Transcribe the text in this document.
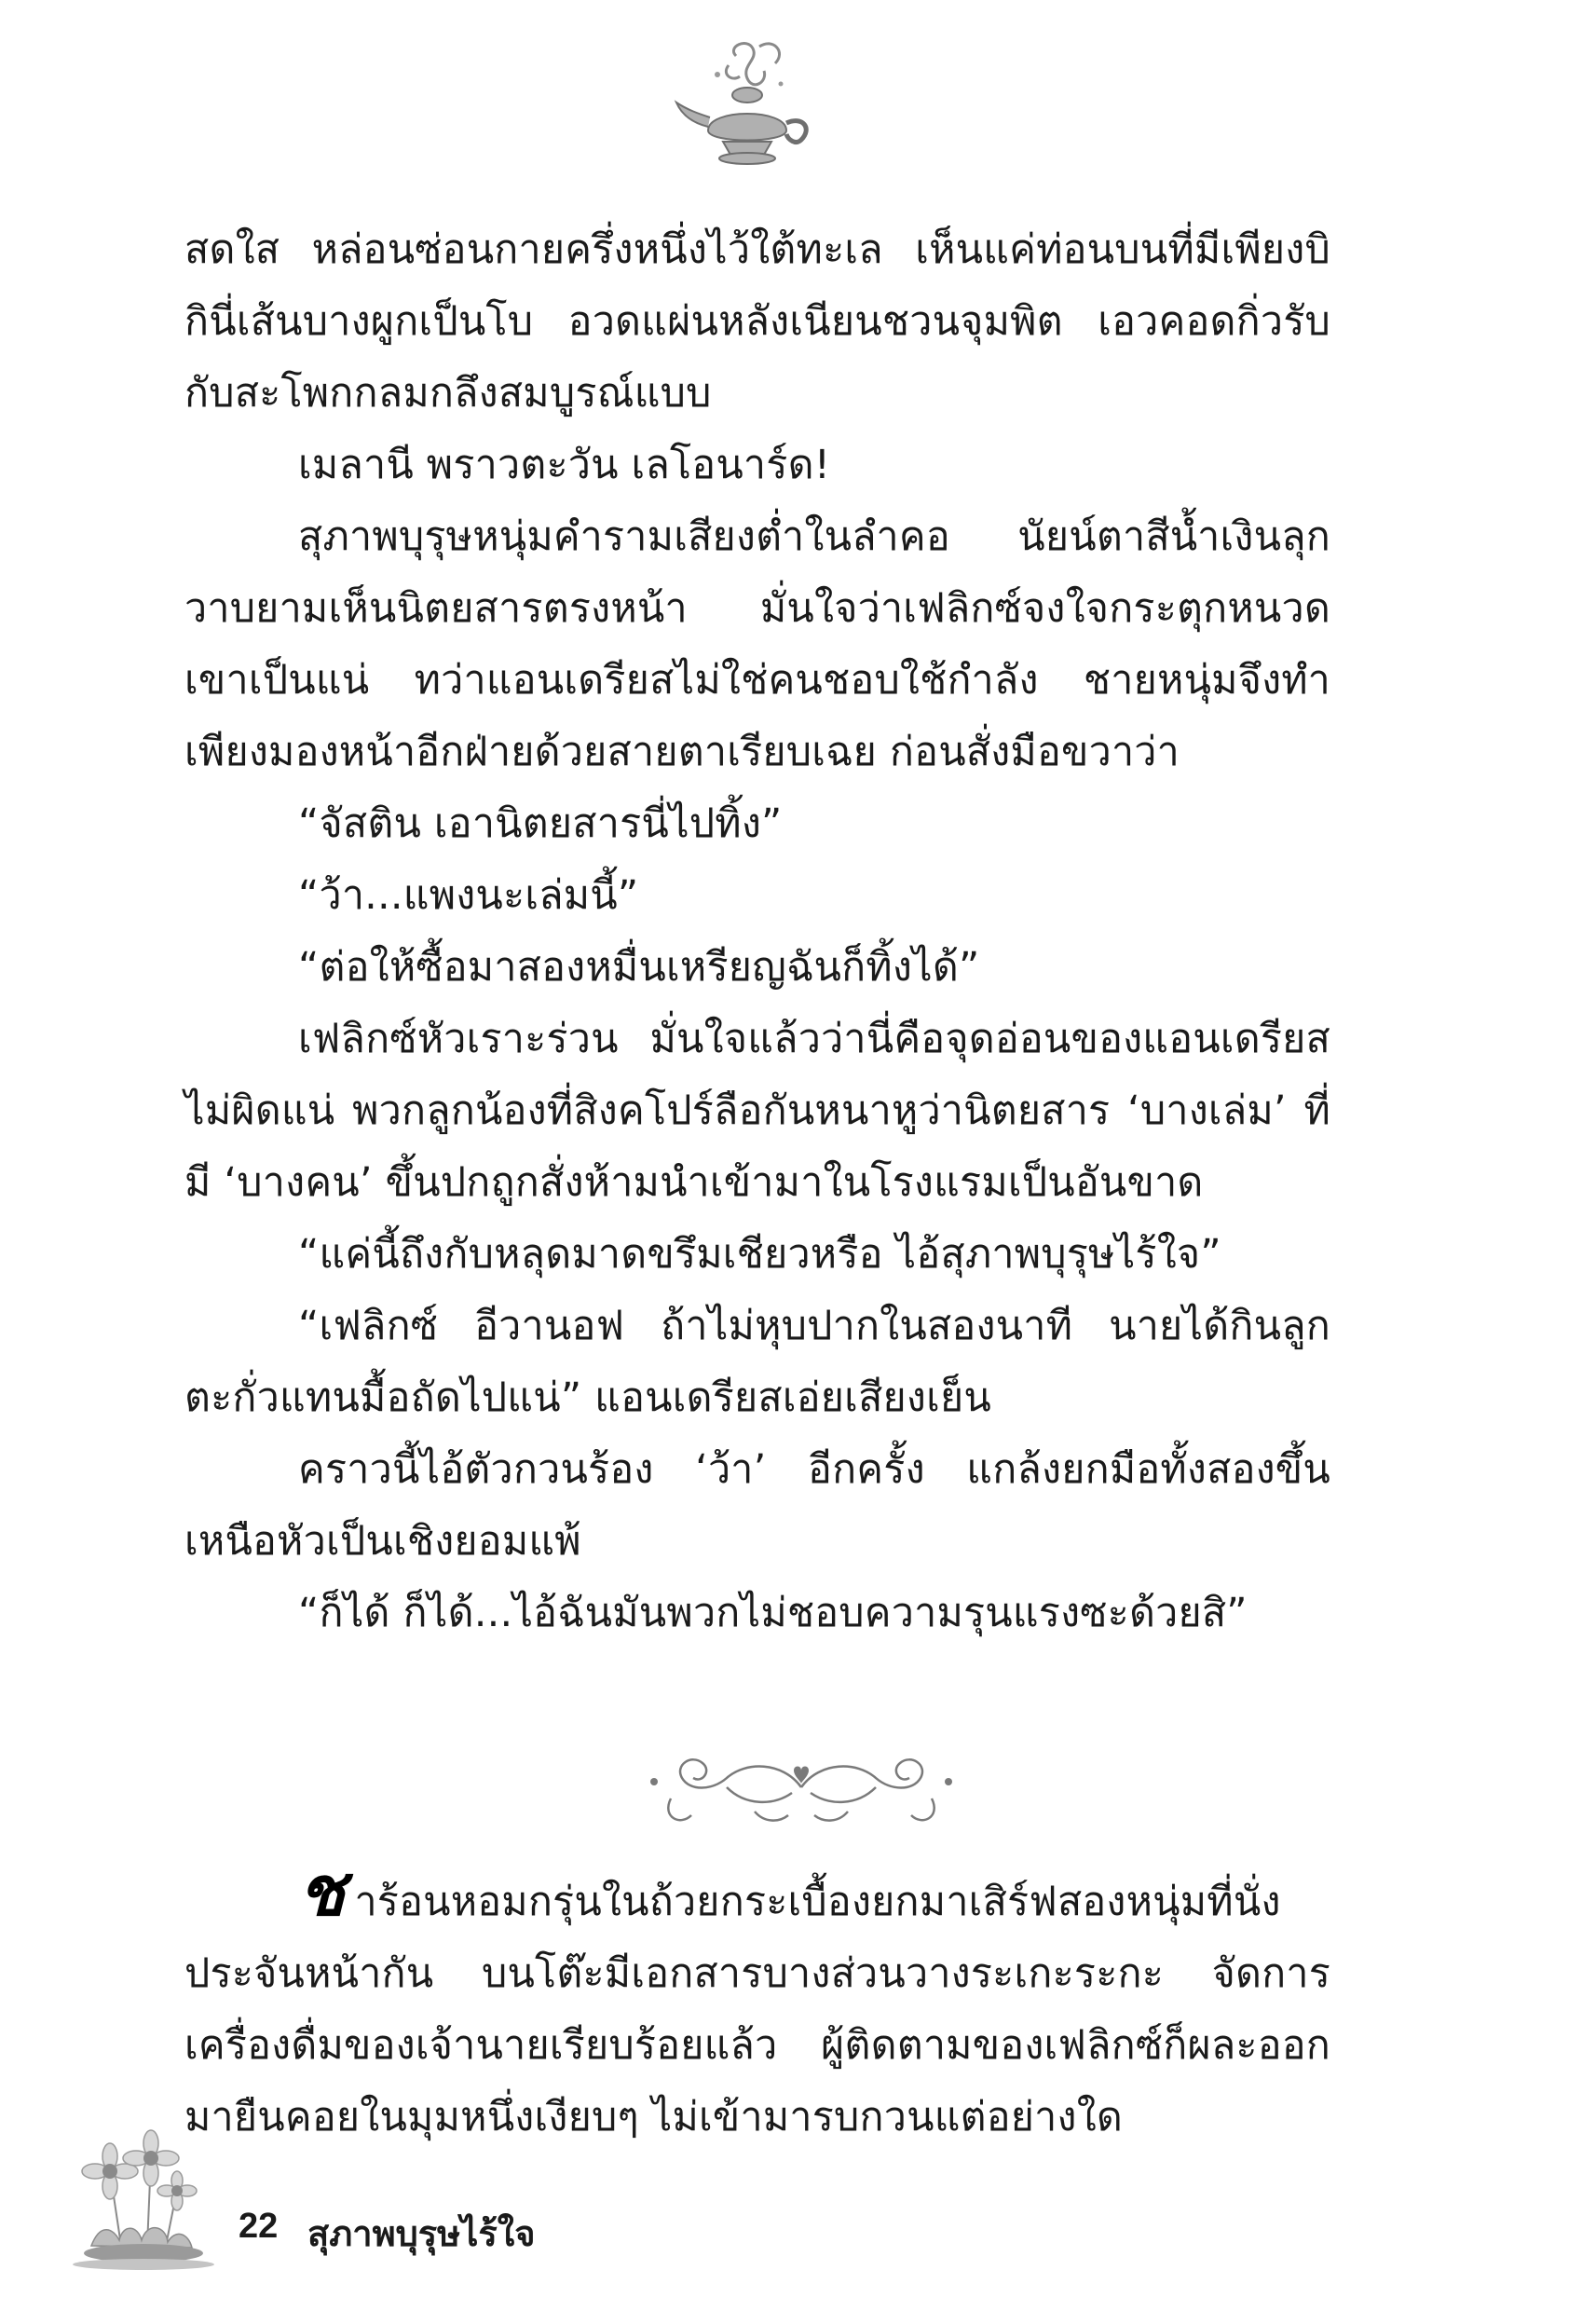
สดใส หล่อนซ่อนกายครึ่งหนึ่งไว้ใต้ทะเล เห็นแค่ท่อนบนที่มีเพียงบิกินี่เส้นบางผูกเป็นโบ อวดแผ่นหลังเนียนชวนจุมพิต เอวคอดกิ่วรับกับสะโพกกลมกลึงสมบูรณ์แบบ

เมลานี พราวตะวัน เลโอนาร์ด!

สุภาพบุรุษหนุ่มคำรามเสียงต่ำในลำคอ นัยน์ตาสีน้ำเงินลุกวาบยามเห็นนิตยสารตรงหน้า มั่นใจว่าเฟลิกซ์จงใจกระตุกหนวดเขาเป็นแน่ ทว่าแอนเดรียสไม่ใช่คนชอบใช้กำลัง ชายหนุ่มจึงทำเพียงมองหน้าอีกฝ่ายด้วยสายตาเรียบเฉย ก่อนสั่งมือขวาว่า

“จัสติน เอานิตยสารนี่ไปทิ้ง”

“ว้า...แพงนะเล่มนี้”

“ต่อให้ซื้อมาสองหมื่นเหรียญฉันก็ทิ้งได้”

เฟลิกซ์หัวเราะร่วน มั่นใจแล้วว่านี่คือจุดอ่อนของแอนเดรียสไม่ผิดแน่ พวกลูกน้องที่สิงคโปร์ลือกันหนาหูว่านิตยสาร ‘บางเล่ม’ ที่มี ‘บางคน’ ขึ้นปกถูกสั่งห้ามนำเข้ามาในโรงแรมเป็นอันขาด

“แค่นี้ถึงกับหลุดมาดขรึมเชียวหรือ ไอ้สุภาพบุรุษไร้ใจ”

“เฟลิกซ์ อีวานอฟ ถ้าไม่หุบปากในสองนาที นายได้กินลูกตะกั่วแทนมื้อถัดไปแน่” แอนเดรียสเอ่ยเสียงเย็น

คราวนี้ไอ้ตัวกวนร้อง ‘ว้า’ อีกครั้ง แกล้งยกมือทั้งสองขึ้นเหนือหัวเป็นเชิงยอมแพ้

“ก็ได้ ก็ได้...ไอ้ฉันมันพวกไม่ชอบความรุนแรงซะด้วยสิ”

ชาร้อนหอมกรุ่นในถ้วยกระเบื้องยกมาเสิร์ฟสองหนุ่มที่นั่งประจันหน้ากัน บนโต๊ะมีเอกสารบางส่วนวางระเกะระกะ จัดการเครื่องดื่มของเจ้านายเรียบร้อยแล้ว ผู้ติดตามของเฟลิกซ์ก็ผละออกมายืนคอยในมุมหนึ่งเงียบๆ ไม่เข้ามารบกวนแต่อย่างใด

22 สุภาพบุรุษไร้ใจ
